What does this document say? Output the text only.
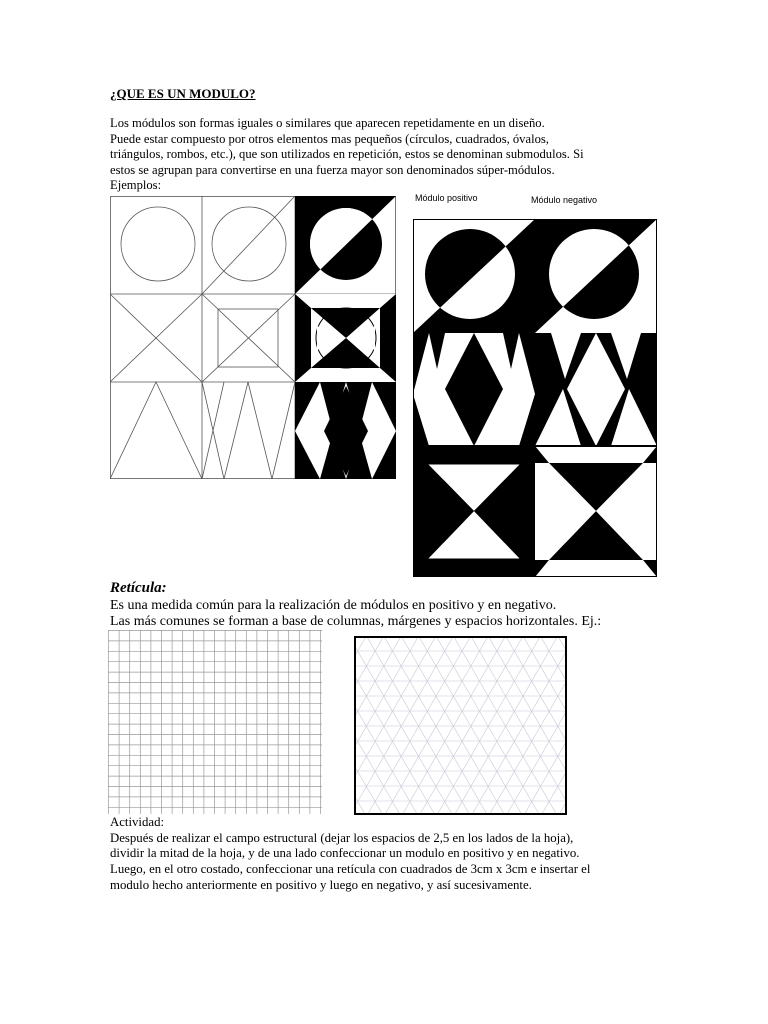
¿QUE ES UN MODULO?
Los módulos son formas iguales o similares que aparecen repetidamente en un diseño.
Puede estar compuesto por otros elementos mas pequeños (círculos, cuadrados, óvalos,
triángulos, rombos, etc.), que son utilizados en repetición, estos se denominan submodulos. Si
estos se agrupan para convertirse en una fuerza mayor son denominados súper-módulos.
Ejemplos:
Módulo positivo	Módulo negativo
Retícula:
Es una medida común para la realización de módulos en positivo y en negativo.
Las más comunes se forman a base de columnas, márgenes y espacios horizontales. Ej.:
Actividad:
Después de realizar el campo estructural (dejar los espacios de 2,5 en los lados de la hoja),
dividir la mitad de la hoja, y de una lado confeccionar un modulo en positivo y en negativo.
Luego, en el otro costado, confeccionar una retícula con cuadrados de 3cm x 3cm e insertar el
modulo hecho anteriormente en positivo y luego en negativo, y así sucesivamente.
